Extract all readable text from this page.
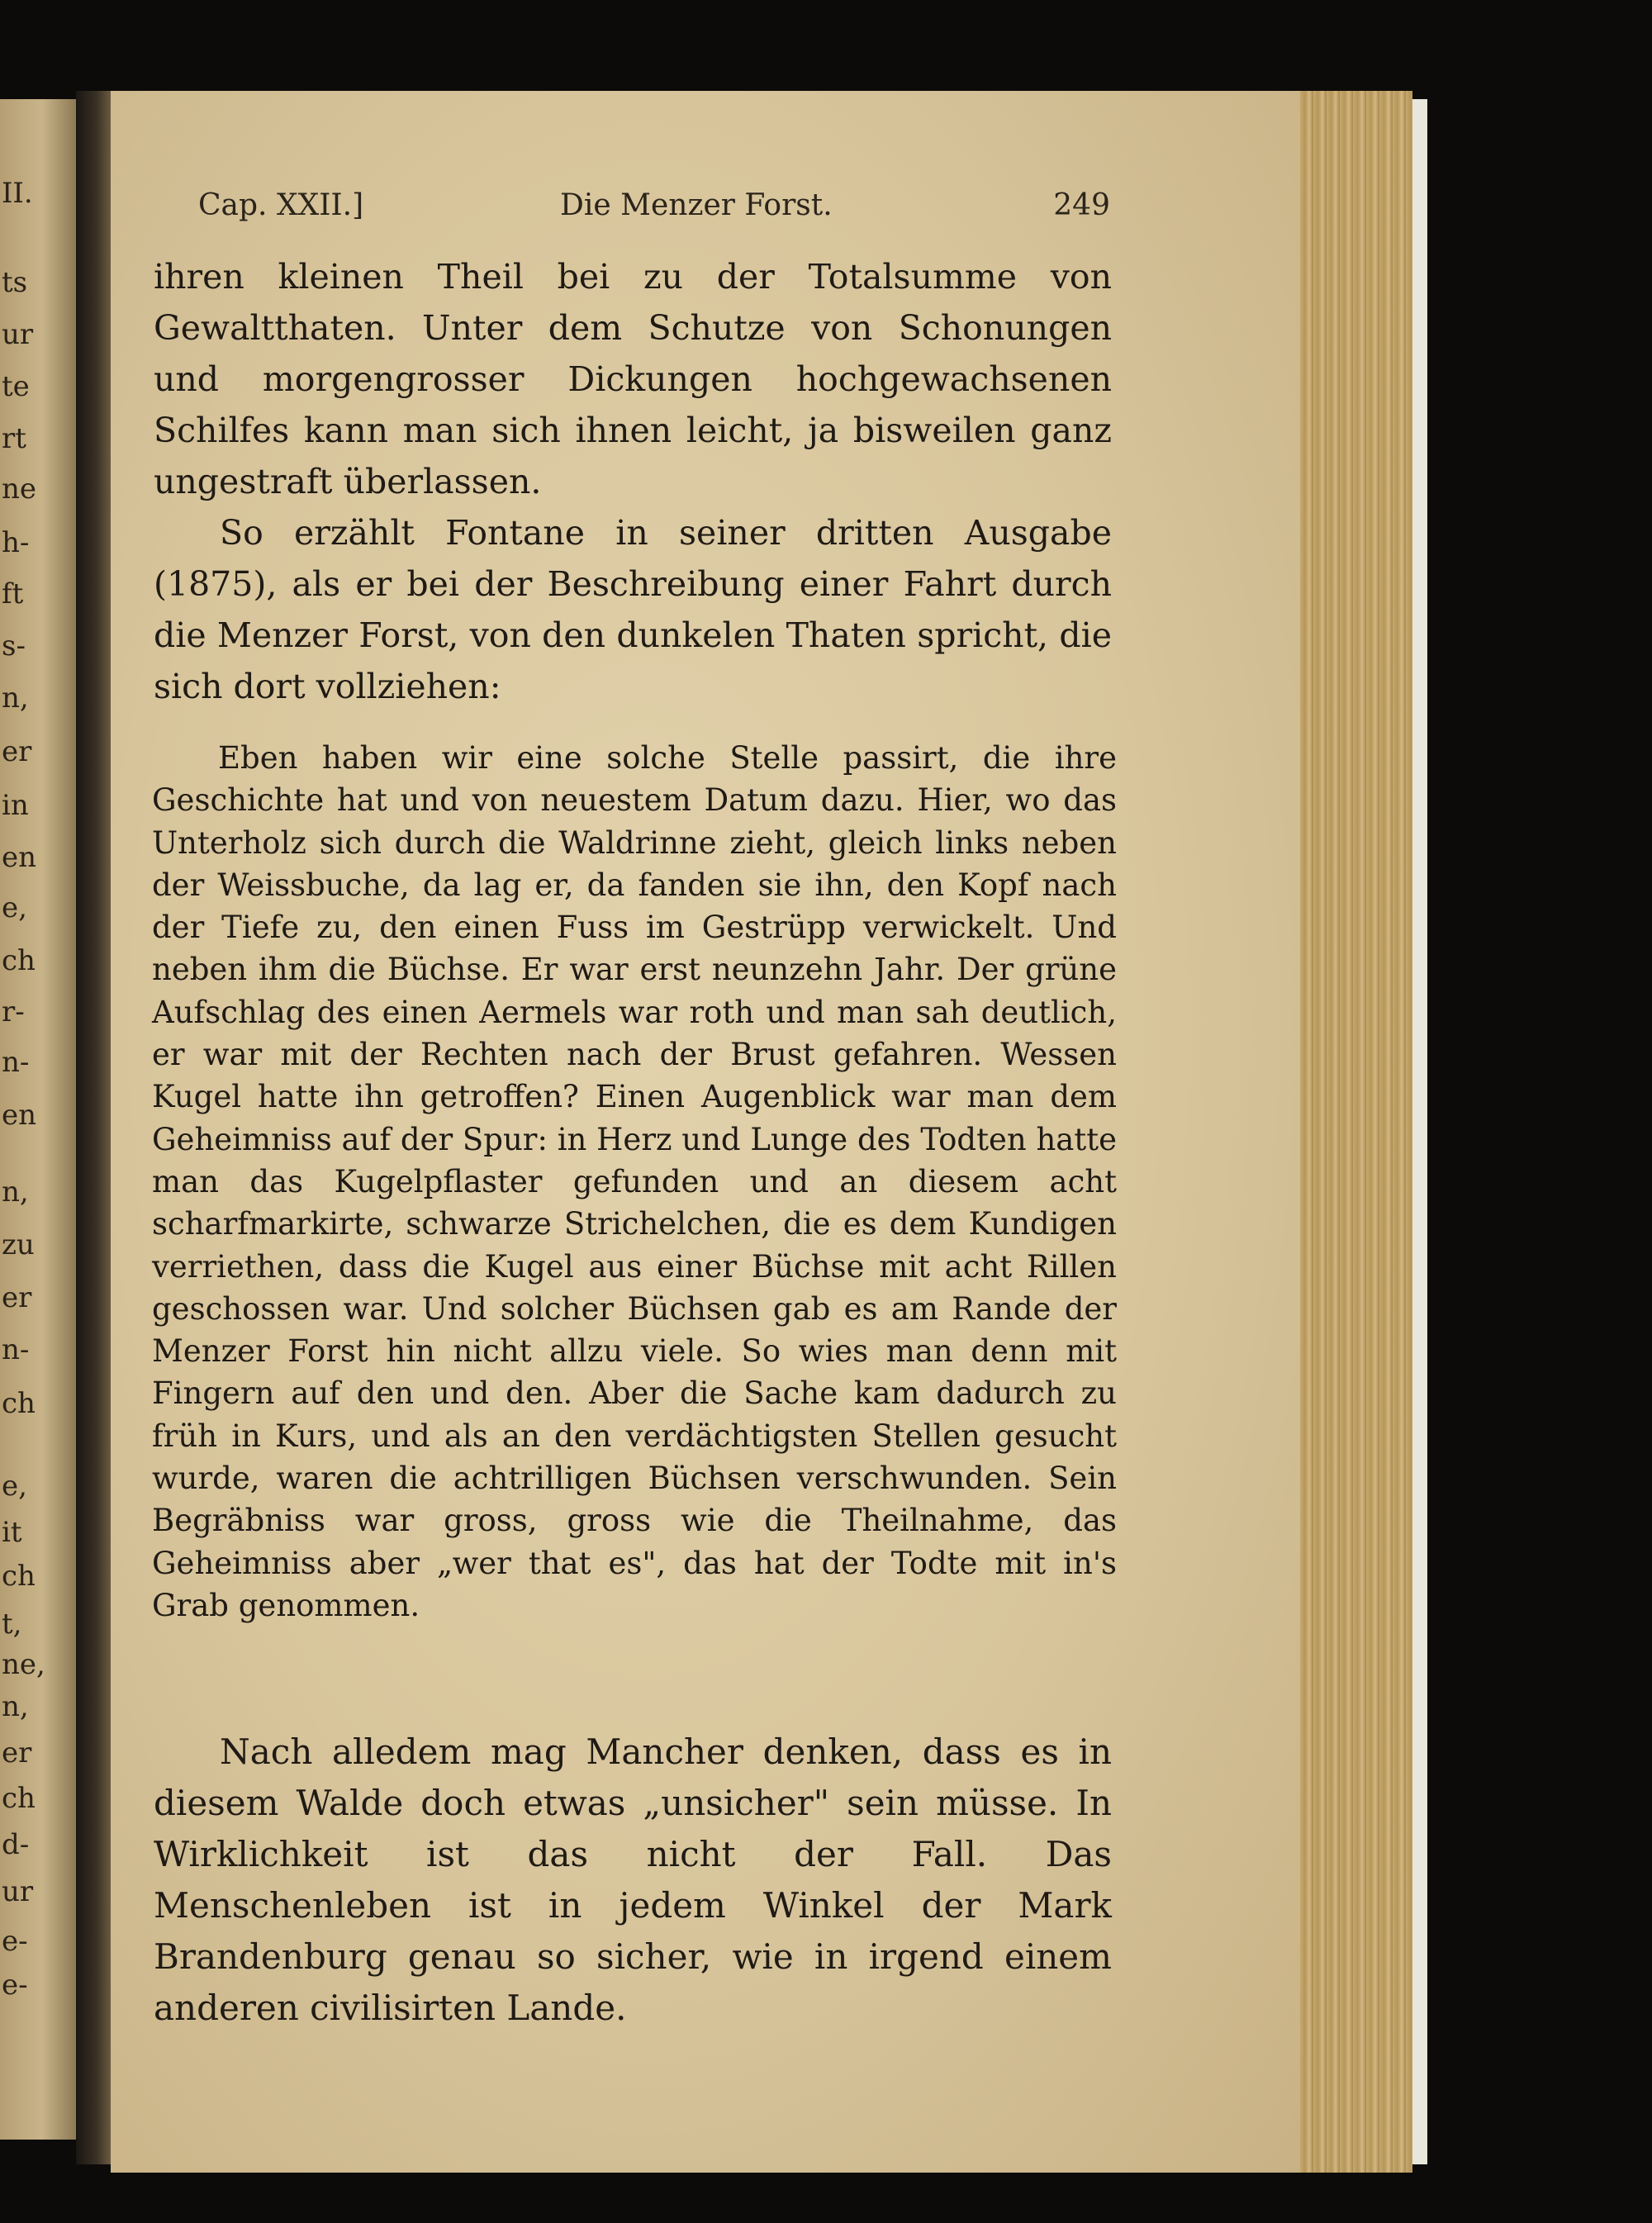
II.
ts
ur
te
rt
ne
h-
ft
s-
n,
er
in
en
e,
ch
r-
n-
en
n,
zu
er
n-
ch
e,
it
ch
t,
ne,
n,
er
ch
d-
ur
e-
e-
Cap. XXII.]	Die Menzer Forst.	249

ihren kleinen Theil bei zu der Totalsumme von Gewaltthaten. Unter dem Schutze von Schonungen und morgengrosser Dickungen hochgewachsenen Schilfes kann man sich ihnen leicht, ja bisweilen ganz ungestraft überlassen.

So erzählt Fontane in seiner dritten Ausgabe (1875), als er bei der Beschreibung einer Fahrt durch die Menzer Forst, von den dunkelen Thaten spricht, die sich dort vollziehen:

Eben haben wir eine solche Stelle passirt, die ihre Geschichte hat und von neuestem Datum dazu. Hier, wo das Unterholz sich durch die Waldrinne zieht, gleich links neben der Weissbuche, da lag er, da fanden sie ihn, den Kopf nach der Tiefe zu, den einen Fuss im Gestrüpp verwickelt. Und neben ihm die Büchse. Er war erst neunzehn Jahr. Der grüne Aufschlag des einen Aermels war roth und man sah deutlich, er war mit der Rechten nach der Brust gefahren. Wessen Kugel hatte ihn getroffen? Einen Augenblick war man dem Geheimniss auf der Spur: in Herz und Lunge des Todten hatte man das Kugelpflaster gefunden und an diesem acht scharfmarkirte, schwarze Strichelchen, die es dem Kundigen verriethen, dass die Kugel aus einer Büchse mit acht Rillen geschossen war. Und solcher Büchsen gab es am Rande der Menzer Forst hin nicht allzu viele. So wies man denn mit Fingern auf den und den. Aber die Sache kam dadurch zu früh in Kurs, und als an den verdächtigsten Stellen gesucht wurde, waren die achtrilligen Büchsen verschwunden. Sein Begräbniss war gross, gross wie die Theilnahme, das Geheimniss aber „wer that es", das hat der Todte mit in's Grab genommen.

Nach alledem mag Mancher denken, dass es in diesem Walde doch etwas „unsicher" sein müsse. In Wirklichkeit ist das nicht der Fall. Das Menschenleben ist in jedem Winkel der Mark Brandenburg genau so sicher, wie in irgend einem anderen civilisirten Lande.
